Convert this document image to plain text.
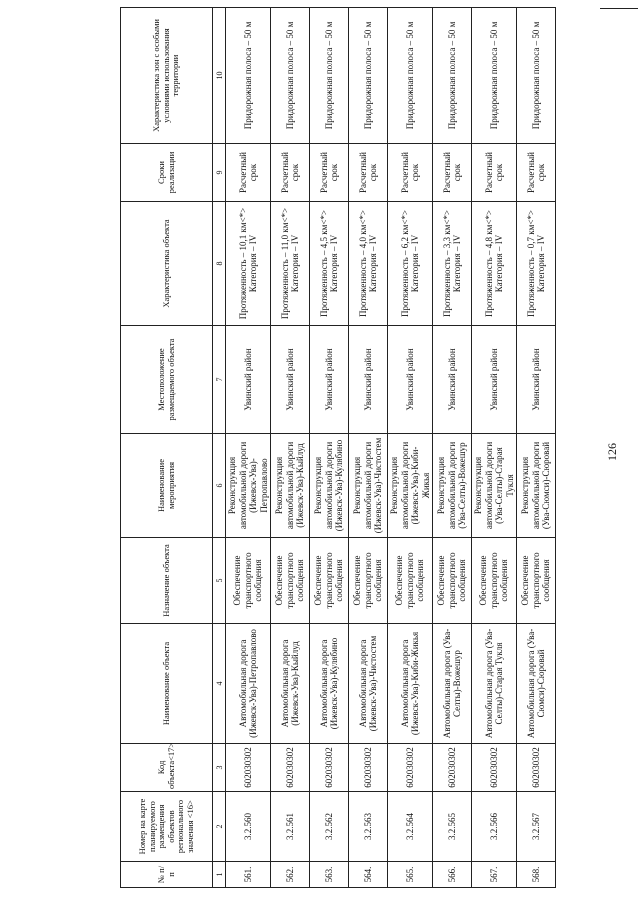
126
№ п/п	Номер на карте планируемого размещения объектов регионального значения <16>	Код объекта<17>	Наименование объекта	Назначение объекта	Наименование мероприятия	Местоположение размещаемого объекта	Характеристика объекта	Сроки реализации	Характеристика зон с особыми условиями использования территории
1	2	3	4	5	6	7	8	9	10
561.	3.2.560	602030302	Автомобильная дорога (Ижевск-Ува)-Петропавлово	Обеспечение транспортного сообщения	Реконструкция автомобильной дороги (Ижевск-Ува)-Петропавлово	Увинский район	Протяженность – 10,1 км<*> Категория – IV	Расчетный срок	Придорожная полоса – 50 м
562.	3.2.561	602030302	Автомобильная дорога (Ижевск-Ува)-Кыйлуд	Обеспечение транспортного сообщения	Реконструкция автомобильной дороги (Ижевск-Ува)-Кыйлуд	Увинский район	Протяженность – 11,0 км<*> Категория – IV	Расчетный срок	Придорожная полоса – 50 м
563.	3.2.562	602030302	Автомобильная дорога (Ижевск-Ува)-Кулябино	Обеспечение транспортного сообщения	Реконструкция автомобильной дороги (Ижевск-Ува)-Кулябино	Увинский район	Протяженность – 4,5 км<*> Категория – IV	Расчетный срок	Придорожная полоса – 50 м
564.	3.2.563	602030302	Автомобильная дорога (Ижевск-Ува)-Чистостем	Обеспечение транспортного сообщения	Реконструкция автомобильной дороги (Ижевск-Ува)-Чистостем	Увинский район	Протяженность – 4,0 км<*> Категория – IV	Расчетный срок	Придорожная полоса – 50 м
565.	3.2.564	602030302	Автомобильная дорога (Ижевск-Ува)-Киби-Жикья	Обеспечение транспортного сообщения	Реконструкция автомобильной дороги (Ижевск-Ува)-Киби-Жикья	Увинский район	Протяженность – 6,2 км<*> Категория – IV	Расчетный срок	Придорожная полоса – 50 м
566.	3.2.565	602030302	Автомобильная дорога (Ува-Селты)-Вожешур	Обеспечение транспортного сообщения	Реконструкция автомобильной дороги (Ува-Селты)-Вожешур	Увинский район	Протяженность – 3,3 км<*> Категория – IV	Расчетный срок	Придорожная полоса – 50 м
567.	3.2.566	602030302	Автомобильная дорога (Ува-Селты)-Старая Тукля	Обеспечение транспортного сообщения	Реконструкция автомобильной дороги (Ува-Селты)-Старая Тукля	Увинский район	Протяженность – 4,8 км<*> Категория – IV	Расчетный срок	Придорожная полоса – 50 м
568.	3.2.567	602030302	Автомобильная дорога (Ува-Сюмси)-Сюровай	Обеспечение транспортного сообщения	Реконструкция автомобильной дороги (Ува-Сюмси)-Сюровай	Увинский район	Протяженность – 0,7 км<*> Категория – IV	Расчетный срок	Придорожная полоса – 50 м
